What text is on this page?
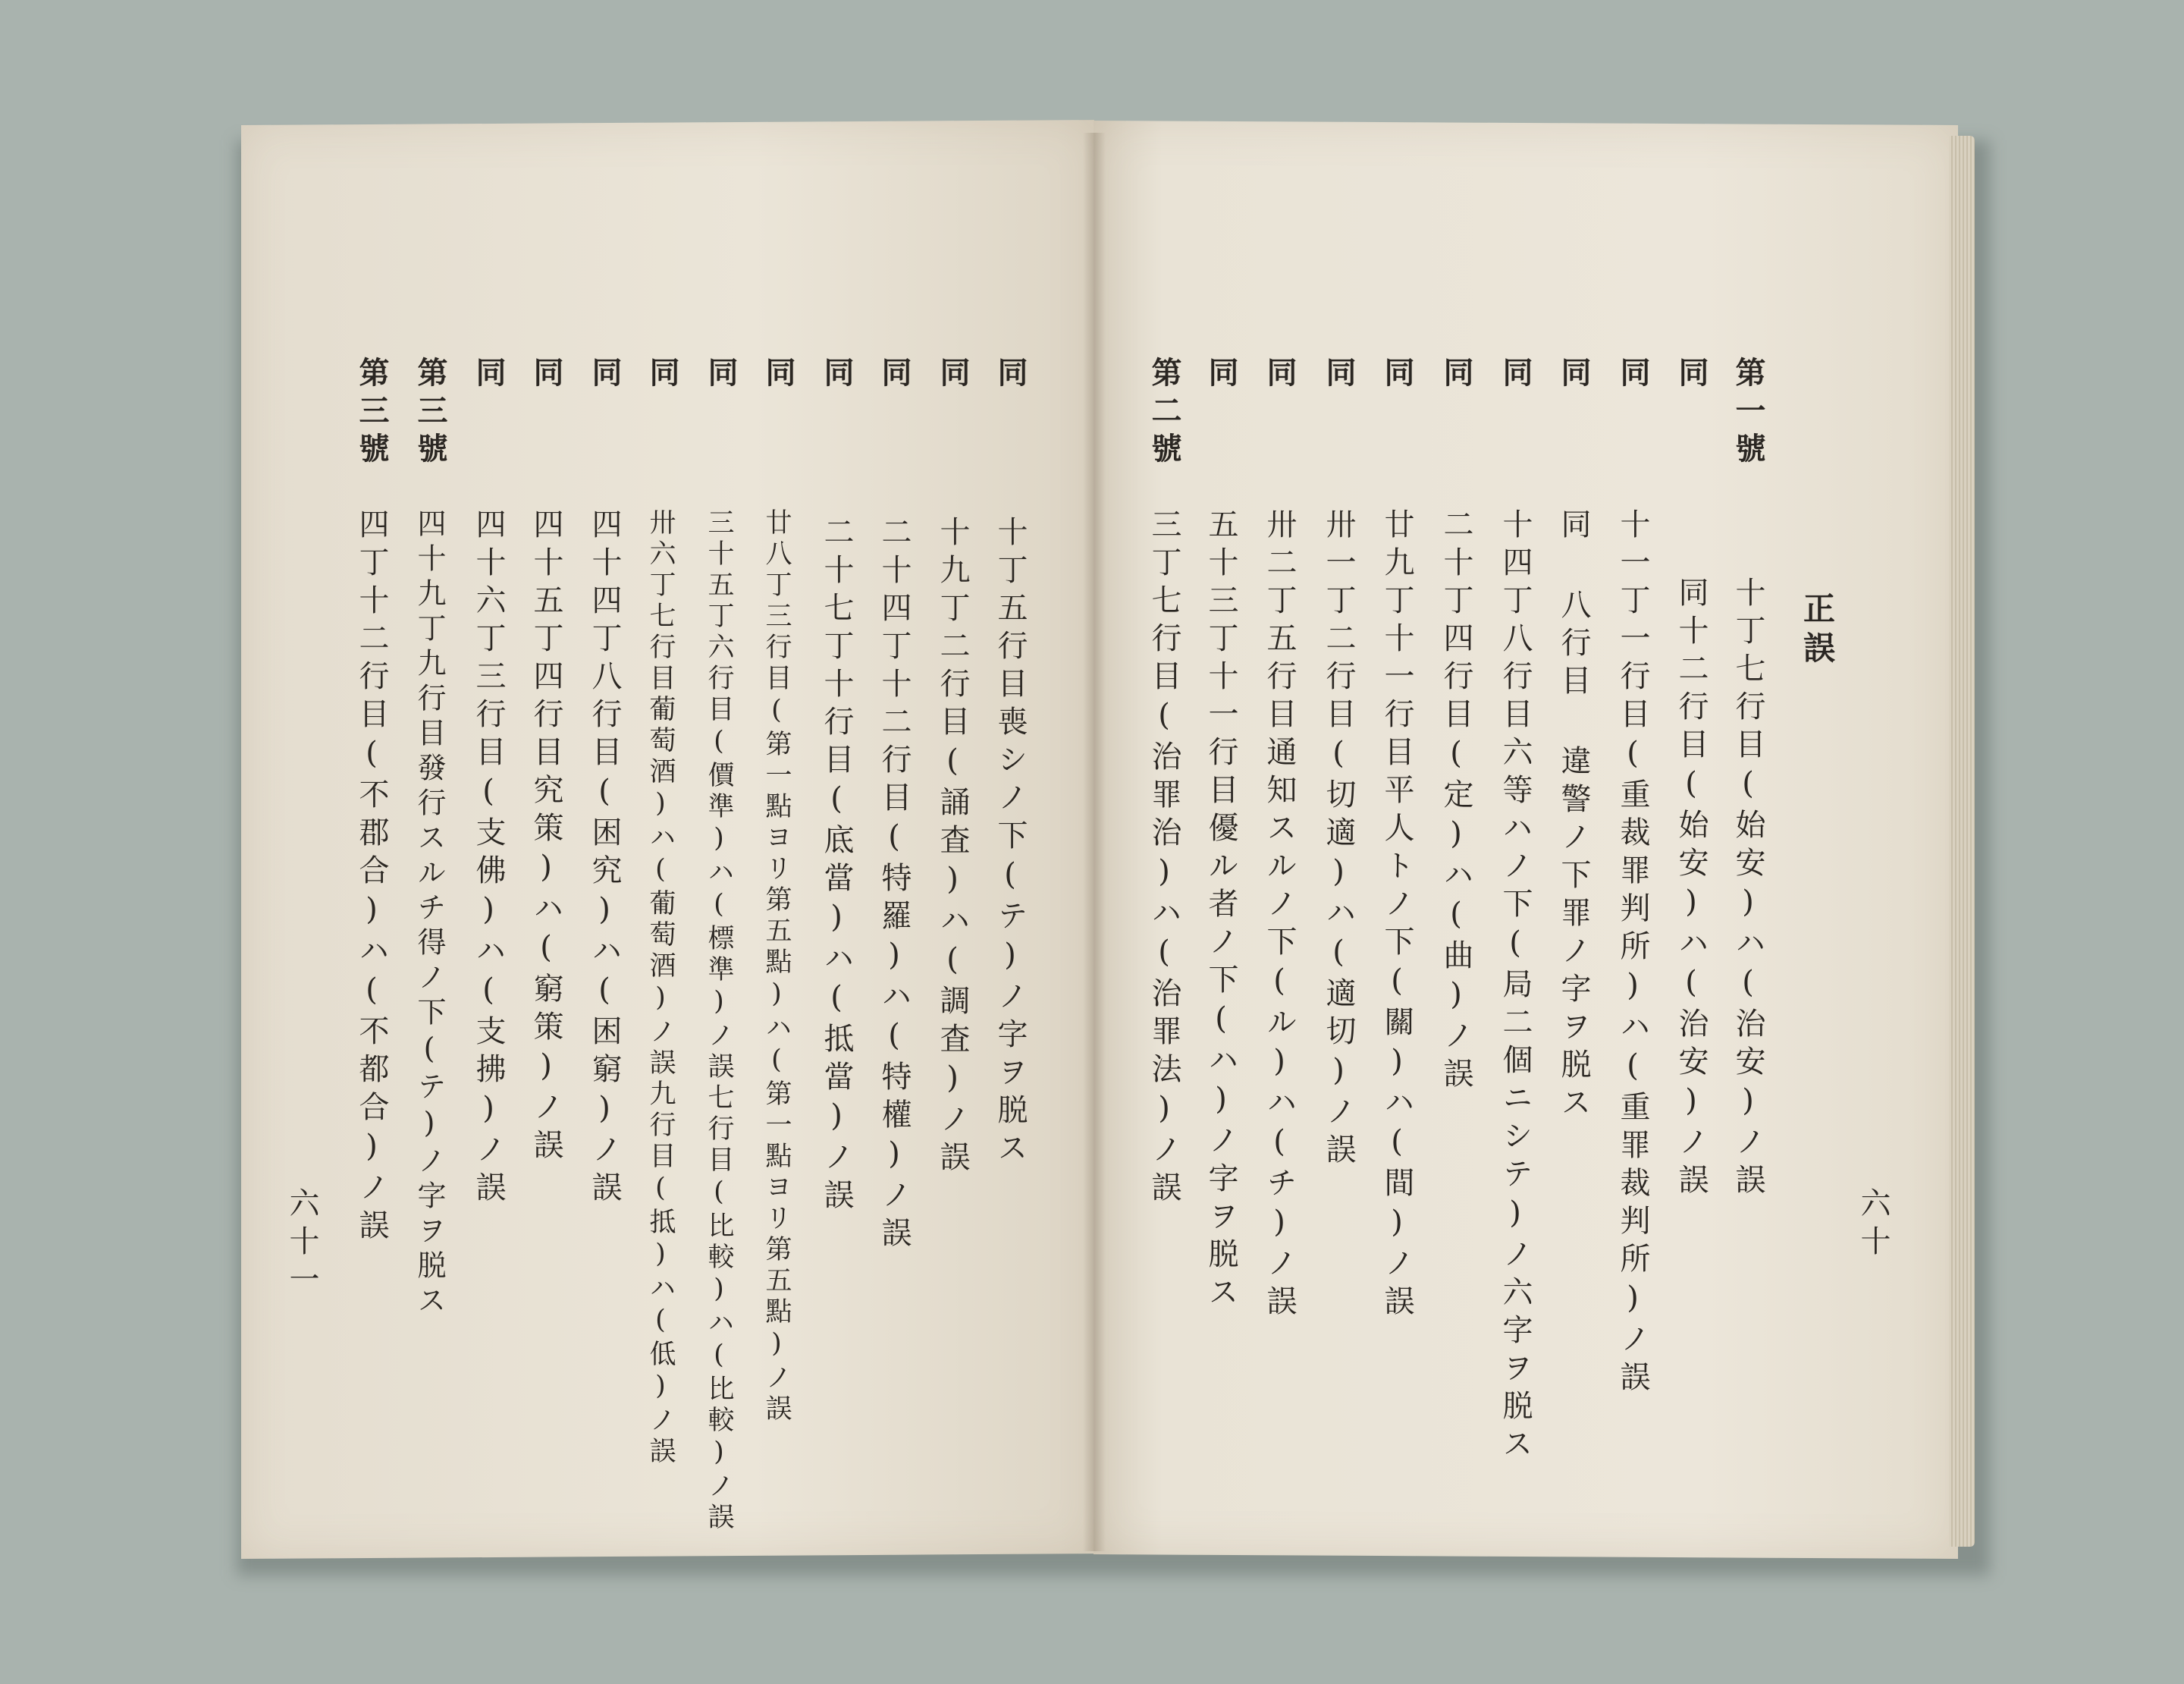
正誤
第一號
十丁七行目(始安)ハ(治安)ノ誤
同
同十二行目(始安)ハ(治安)ノ誤
同
十一丁一行目(重裁罪判所)ハ(重罪裁判所)ノ誤
同
同 八行目 違警ノ下罪ノ字ヲ脱ス
同
十四丁八行目六等ハノ下(局二個ニシテ)ノ六字ヲ脱ス
同
二十丁四行目(定)ハ(曲)ノ誤
同
廿九丁十一行目平人トノ下(關)ハ(間)ノ誤
同
卅一丁二行目(切適)ハ(適切)ノ誤
同
卅二丁五行目通知スルノ下(ル)ハ(チ)ノ誤
同
五十三丁十一行目優ル者ノ下(ハ)ノ字ヲ脱ス
第二號
三丁七行目(治罪治)ハ(治罪法)ノ誤
六十
同
十丁五行目喪シノ下(テ)ノ字ヲ脱ス
同
十九丁二行目(誦査)ハ(調査)ノ誤
同
二十四丁十二行目(特羅)ハ(特權)ノ誤
同
二十七丁十行目(底當)ハ(抵當)ノ誤
同
廿八丁三行目(第一點ヨリ第五點)ハ(第一點ヨリ第五點)ノ誤
同
三十五丁六行目(價準)ハ(標準)ノ誤七行目(比較)ハ(比較)ノ誤
同
卅六丁七行目葡萄酒)ハ(葡萄酒)ノ誤九行目(抵)ハ(低)ノ誤
同
四十四丁八行目(困究)ハ(困窮)ノ誤
同
四十五丁四行目究策)ハ(窮策)ノ誤
同
四十六丁三行目(支佛)ハ(支拂)ノ誤
第三號
四十九丁九行目發行スルチ得ノ下(テ)ノ字ヲ脱ス
第三號
四丁十二行目(不郡合)ハ(不都合)ノ誤
六十一
